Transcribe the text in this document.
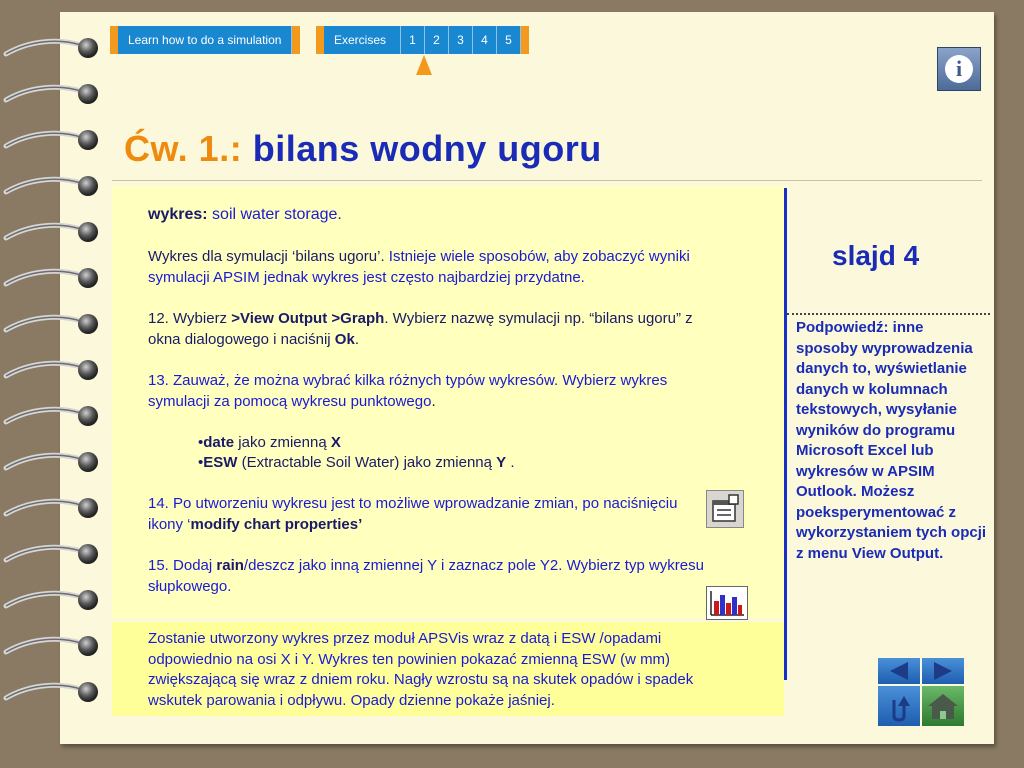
Learn how to do a simulation	Exercises	1	2	3	4	5
i
Ćw. 1.: bilans wodny ugoru
wykres: soil water storage.
Wykres dla symulacji ‘bilans ugoru’. Istnieje wiele sposobów, aby zobaczyć wyniki symulacji APSIM jednak wykres jest często najbardziej przydatne.
12. Wybierz >View Output >Graph. Wybierz nazwę symulacji np. “bilans ugoru” z okna dialogowego i naciśnij Ok.
13. Zauważ, że można wybrać kilka różnych typów wykresów. Wybierz wykres symulacji za pomocą wykresu punktowego.
•date jako zmienną X
•ESW (Extractable Soil Water) jako zmienną Y .
14. Po utworzeniu wykresu jest to możliwe wprowadzanie zmian, po naciśnięciu ikony ‘modify chart properties’
15. Dodaj rain/deszcz jako inną zmiennej Y i zaznacz pole Y2. Wybierz typ wykresu słupkowego.
Zostanie utworzony wykres przez moduł APSVis wraz z datą i ESW /opadami odpowiednio na osi X i Y. Wykres ten powinien pokazać zmienną ESW (w mm) zwiększającą się wraz z dniem roku. Nagły wzrostu są na skutek opadów i spadek wskutek parowania i odpływu. Opady dzienne pokaże jaśniej.
slajd 4
Podpowiedź: inne sposoby wyprowadzenia danych to, wyświetlanie danych w kolumnach tekstowych, wysyłanie wyników do programu Microsoft Excel lub wykresów w APSIM Outlook. Możesz poeksperymentować z wykorzystaniem tych opcji z menu View Output.
